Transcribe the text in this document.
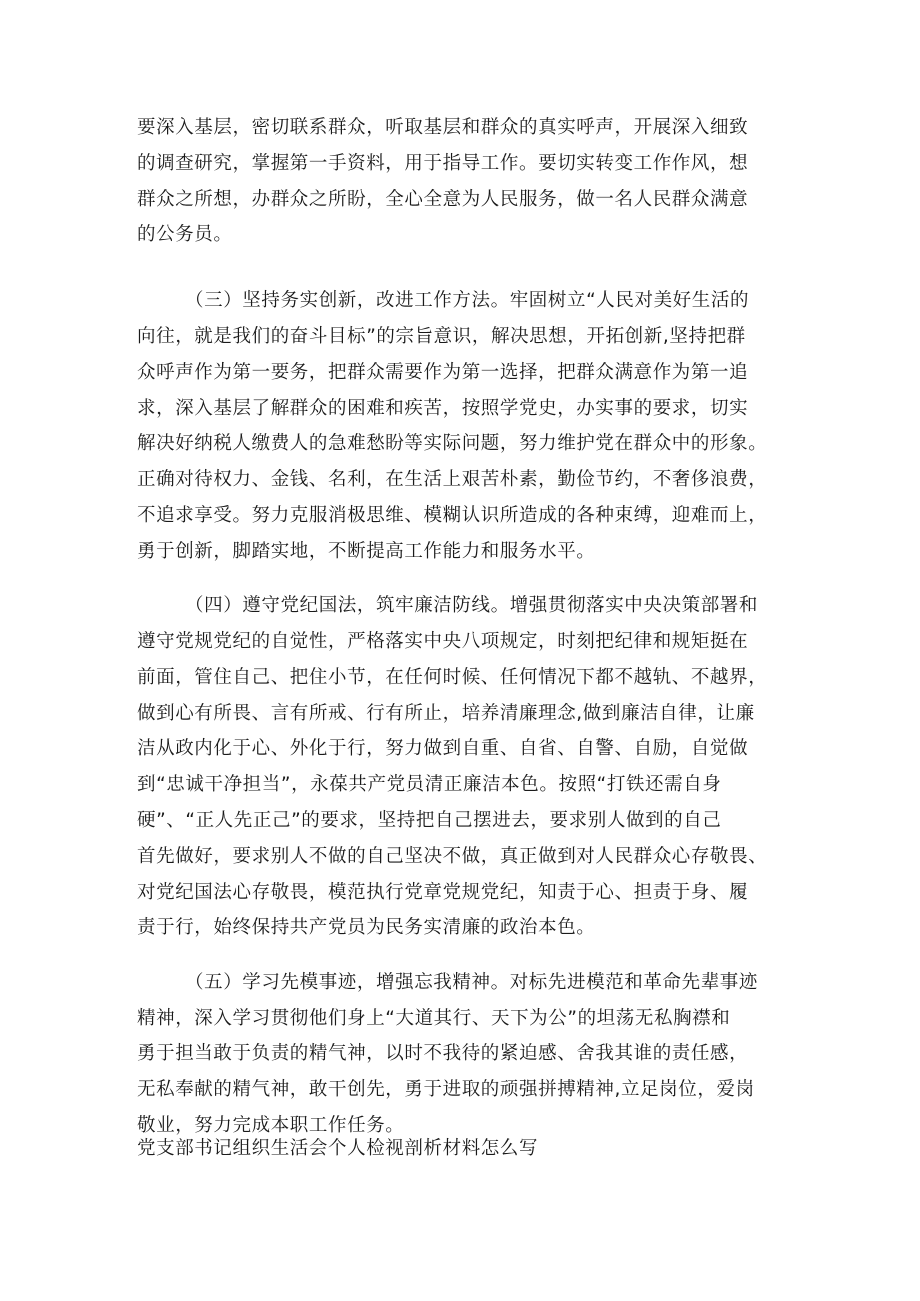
要深入基层，密切联系群众，听取基层和群众的真实呼声，开展深入细致
的调查研究，掌握第一手资料，用于指导工作。要切实转变工作作风，想
群众之所想，办群众之所盼，全心全意为人民服务，做一名人民群众满意
的公务员。
（三）坚持务实创新，改进工作方法。牢固树立“人民对美好生活的
向往，就是我们的奋斗目标”的宗旨意识，解决思想，开拓创新,坚持把群
众呼声作为第一要务，把群众需要作为第一选择，把群众满意作为第一追
求，深入基层了解群众的困难和疾苦，按照学党史，办实事的要求，切实
解决好纳税人缴费人的急难愁盼等实际问题，努力维护党在群众中的形象。
正确对待权力、金钱、名利，在生活上艰苦朴素，勤俭节约，不奢侈浪费，
不追求享受。努力克服消极思维、模糊认识所造成的各种束缚，迎难而上，
勇于创新，脚踏实地，不断提高工作能力和服务水平。
（四）遵守党纪国法，筑牢廉洁防线。增强贯彻落实中央决策部署和
遵守党规党纪的自觉性，严格落实中央八项规定，时刻把纪律和规矩挺在
前面，管住自己、把住小节，在任何时候、任何情况下都不越轨、不越界，
做到心有所畏、言有所戒、行有所止，培养清廉理念,做到廉洁自律，让廉
洁从政内化于心、外化于行，努力做到自重、自省、自警、自励，自觉做
到“忠诚干净担当”，永葆共产党员清正廉洁本色。按照“打铁还需自身
硬”、“正人先正己”的要求，坚持把自己摆进去，要求别人做到的自己
首先做好，要求别人不做的自己坚决不做，真正做到对人民群众心存敬畏、
对党纪国法心存敬畏，模范执行党章党规党纪，知责于心、担责于身、履
责于行，始终保持共产党员为民务实清廉的政治本色。
（五）学习先模事迹，增强忘我精神。对标先进模范和革命先辈事迹
精神，深入学习贯彻他们身上“大道其行、天下为公”的坦荡无私胸襟和
勇于担当敢于负责的精气神，以时不我待的紧迫感、舍我其谁的责任感，
无私奉献的精气神，敢干创先，勇于进取的顽强拼搏精神,立足岗位，爱岗
敬业，努力完成本职工作任务。
党支部书记组织生活会个人检视剖析材料怎么写
